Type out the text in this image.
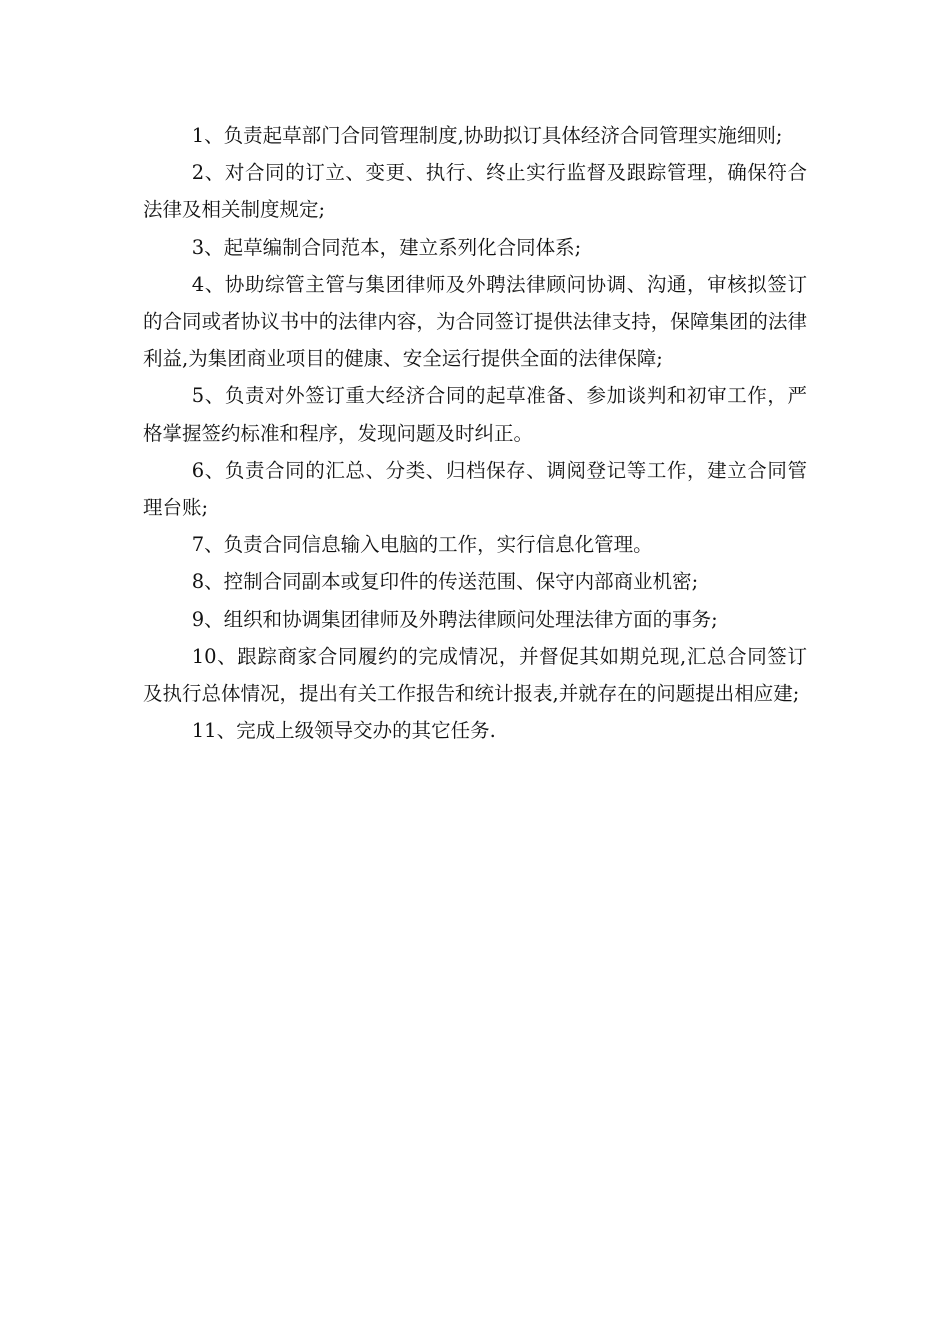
1、负责起草部门合同管理制度,协助拟订具体经济合同管理实施细则;

2、对合同的订立、变更、执行、终止实行监督及跟踪管理，确保符合法律及相关制度规定;

3、起草编制合同范本，建立系列化合同体系;

4、协助综管主管与集团律师及外聘法律顾问协调、沟通，审核拟签订的合同或者协议书中的法律内容，为合同签订提供法律支持，保障集团的法律利益,为集团商业项目的健康、安全运行提供全面的法律保障;

5、负责对外签订重大经济合同的起草准备、参加谈判和初审工作，严格掌握签约标准和程序，发现问题及时纠正。

6、负责合同的汇总、分类、归档保存、调阅登记等工作，建立合同管理台账;

7、负责合同信息输入电脑的工作，实行信息化管理。

8、控制合同副本或复印件的传送范围、保守内部商业机密;

9、组织和协调集团律师及外聘法律顾问处理法律方面的事务;

10、跟踪商家合同履约的完成情况，并督促其如期兑现,汇总合同签订及执行总体情况，提出有关工作报告和统计报表,并就存在的问题提出相应建;

11、完成上级领导交办的其它任务.
